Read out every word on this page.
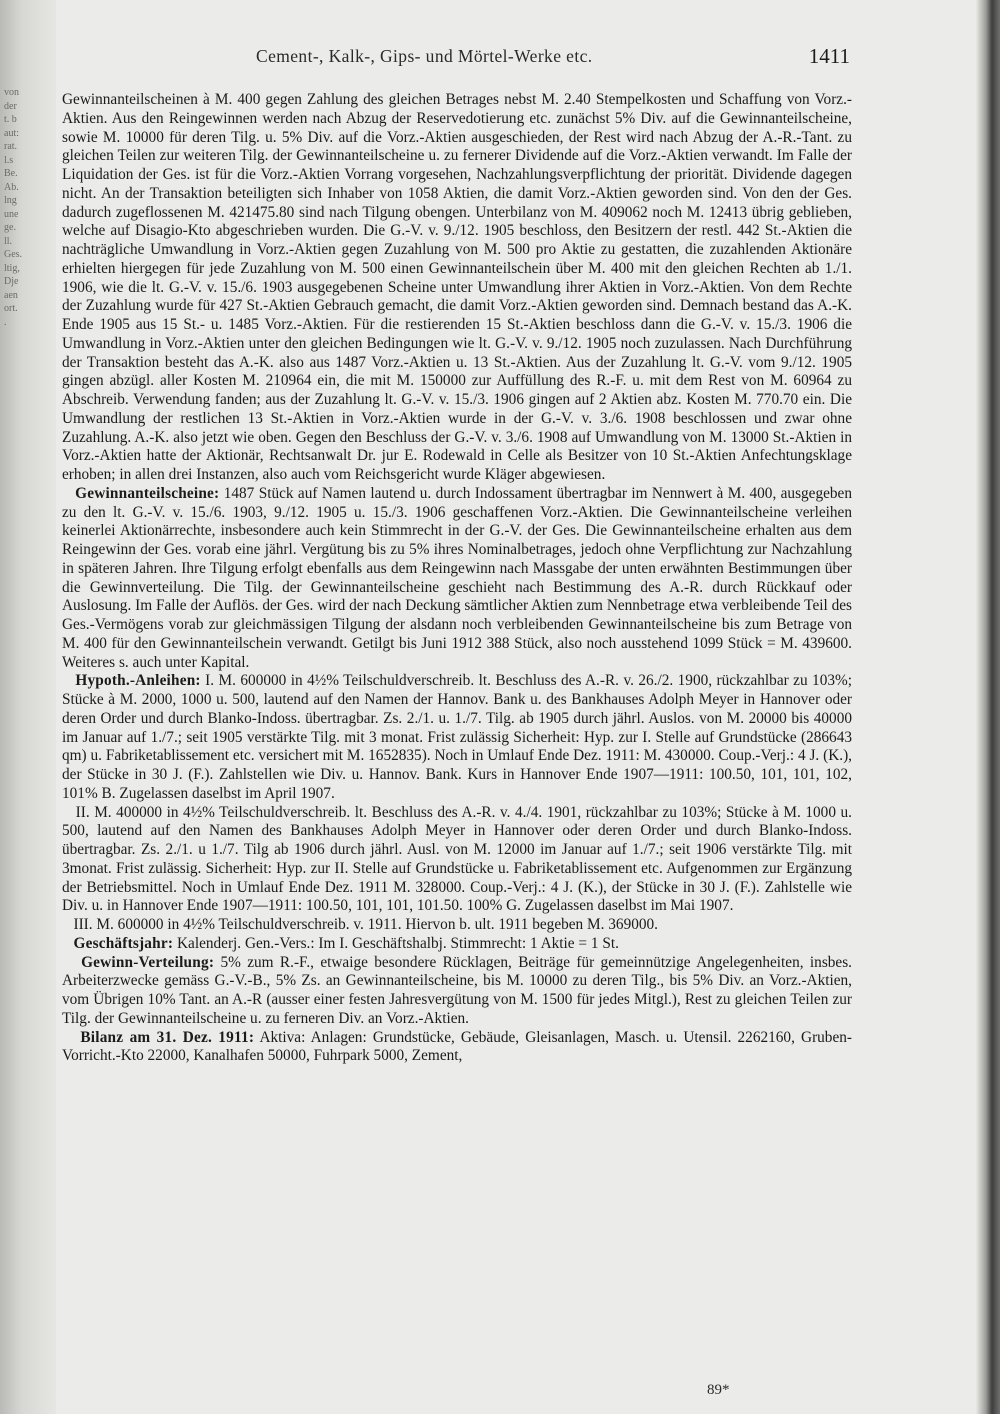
von
der
t. b
aut:
rat.
l.s
Be.
Ab.
lng
une
ge.
ll.
Ges.
ltig,
Dje
aen
ort.
.
Cement-, Kalk-, Gips- und Mörtel-Werke etc.	1411

Gewinnanteilscheinen à M. 400 gegen Zahlung des gleichen Betrages nebst M. 2.40 Stempelkosten und Schaffung von Vorz.-Aktien. Aus den Reingewinnen werden nach Abzug der Reservedotierung etc. zunächst 5% Div. auf die Gewinnanteilscheine, sowie M. 10000 für deren Tilg. u. 5% Div. auf die Vorz.-Aktien ausgeschieden, der Rest wird nach Abzug der A.-R.-Tant. zu gleichen Teilen zur weiteren Tilg. der Gewinnanteilscheine u. zu fernerer Dividende auf die Vorz.-Aktien verwandt. Im Falle der Liquidation der Ges. ist für die Vorz.-Aktien Vorrang vorgesehen, Nachzahlungsverpflichtung der priorität. Dividende dagegen nicht. An der Transaktion beteiligten sich Inhaber von 1058 Aktien, die damit Vorz.-Aktien geworden sind. Von den der Ges. dadurch zugeflossenen M. 421475.80 sind nach Tilgung obengen. Unterbilanz von M. 409062 noch M. 12413 übrig geblieben, welche auf Disagio-Kto abgeschrieben wurden. Die G.-V. v. 9./12. 1905 beschloss, den Besitzern der restl. 442 St.-Aktien die nachträgliche Umwandlung in Vorz.-Aktien gegen Zuzahlung von M. 500 pro Aktie zu gestatten, die zuzahlenden Aktionäre erhielten hiergegen für jede Zuzahlung von M. 500 einen Gewinnanteilschein über M. 400 mit den gleichen Rechten ab 1./1. 1906, wie die lt. G.-V. v. 15./6. 1903 ausgegebenen Scheine unter Umwandlung ihrer Aktien in Vorz.-Aktien. Von dem Rechte der Zuzahlung wurde für 427 St.-Aktien Gebrauch gemacht, die damit Vorz.-Aktien geworden sind. Demnach bestand das A.-K. Ende 1905 aus 15 St.- u. 1485 Vorz.-Aktien. Für die restierenden 15 St.-Aktien beschloss dann die G.-V. v. 15./3. 1906 die Umwandlung in Vorz.-Aktien unter den gleichen Bedingungen wie lt. G.-V. v. 9./12. 1905 noch zuzulassen. Nach Durchführung der Transaktion besteht das A.-K. also aus 1487 Vorz.-Aktien u. 13 St.-Aktien. Aus der Zuzahlung lt. G.-V. vom 9./12. 1905 gingen abzügl. aller Kosten M. 210964 ein, die mit M. 150000 zur Auffüllung des R.-F. u. mit dem Rest von M. 60964 zu Abschreib. Verwendung fanden; aus der Zuzahlung lt. G.-V. v. 15./3. 1906 gingen auf 2 Aktien abz. Kosten M. 770.70 ein. Die Umwandlung der restlichen 13 St.-Aktien in Vorz.-Aktien wurde in der G.-V. v. 3./6. 1908 beschlossen und zwar ohne Zuzahlung. A.-K. also jetzt wie oben. Gegen den Beschluss der G.-V. v. 3./6. 1908 auf Umwandlung von M. 13000 St.-Aktien in Vorz.-Aktien hatte der Aktionär, Rechtsanwalt Dr. jur E. Rodewald in Celle als Besitzer von 10 St.-Aktien Anfechtungsklage erhoben; in allen drei Instanzen, also auch vom Reichsgericht wurde Kläger abgewiesen.

Gewinnanteilscheine: 1487 Stück auf Namen lautend u. durch Indossament übertragbar im Nennwert à M. 400, ausgegeben zu den lt. G.-V. v. 15./6. 1903, 9./12. 1905 u. 15./3. 1906 geschaffenen Vorz.-Aktien. Die Gewinnanteilscheine verleihen keinerlei Aktionärrechte, insbesondere auch kein Stimmrecht in der G.-V. der Ges. Die Gewinnanteilscheine erhalten aus dem Reingewinn der Ges. vorab eine jährl. Vergütung bis zu 5% ihres Nominalbetrages, jedoch ohne Verpflichtung zur Nachzahlung in späteren Jahren. Ihre Tilgung erfolgt ebenfalls aus dem Reingewinn nach Massgabe der unten erwähnten Bestimmungen über die Gewinnverteilung. Die Tilg. der Gewinnanteilscheine geschieht nach Bestimmung des A.-R. durch Rückkauf oder Auslosung. Im Falle der Auflös. der Ges. wird der nach Deckung sämtlicher Aktien zum Nennbetrage etwa verbleibende Teil des Ges.-Vermögens vorab zur gleichmässigen Tilgung der alsdann noch verbleibenden Gewinnanteilscheine bis zum Betrage von M. 400 für den Gewinnanteilschein verwandt. Getilgt bis Juni 1912 388 Stück, also noch ausstehend 1099 Stück = M. 439600. Weiteres s. auch unter Kapital.

Hypoth.-Anleihen: I. M. 600000 in 4½% Teilschuldverschreib. lt. Beschluss des A.-R. v. 26./2. 1900, rückzahlbar zu 103%; Stücke à M. 2000, 1000 u. 500, lautend auf den Namen der Hannov. Bank u. des Bankhauses Adolph Meyer in Hannover oder deren Order und durch Blanko-Indoss. übertragbar. Zs. 2./1. u. 1./7. Tilg. ab 1905 durch jährl. Auslos. von M. 20000 bis 40000 im Januar auf 1./7.; seit 1905 verstärkte Tilg. mit 3 monat. Frist zulässig Sicherheit: Hyp. zur I. Stelle auf Grundstücke (286643 qm) u. Fabriketablissement etc. versichert mit M. 1652835). Noch in Umlauf Ende Dez. 1911: M. 430000. Coup.-Verj.: 4 J. (K.), der Stücke in 30 J. (F.). Zahlstellen wie Div. u. Hannov. Bank. Kurs in Hannover Ende 1907—1911: 100.50, 101, 101, 102, 101% B. Zugelassen daselbst im April 1907.

II. M. 400000 in 4½% Teilschuldverschreib. lt. Beschluss des A.-R. v. 4./4. 1901, rückzahlbar zu 103%; Stücke à M. 1000 u. 500, lautend auf den Namen des Bankhauses Adolph Meyer in Hannover oder deren Order und durch Blanko-Indoss. übertragbar. Zs. 2./1. u 1./7. Tilg ab 1906 durch jährl. Ausl. von M. 12000 im Januar auf 1./7.; seit 1906 verstärkte Tilg. mit 3monat. Frist zulässig. Sicherheit: Hyp. zur II. Stelle auf Grundstücke u. Fabriketablissement etc. Aufgenommen zur Ergänzung der Betriebsmittel. Noch in Umlauf Ende Dez. 1911 M. 328000. Coup.-Verj.: 4 J. (K.), der Stücke in 30 J. (F.). Zahlstelle wie Div. u. in Hannover Ende 1907—1911: 100.50, 101, 101, 101.50. 100% G. Zugelassen daselbst im Mai 1907.

III. M. 600000 in 4½% Teilschuldverschreib. v. 1911. Hiervon b. ult. 1911 begeben M. 369000.

Geschäftsjahr: Kalenderj. Gen.-Vers.: Im I. Geschäftshalbj. Stimmrecht: 1 Aktie = 1 St.

Gewinn-Verteilung: 5% zum R.-F., etwaige besondere Rücklagen, Beiträge für gemeinnützige Angelegenheiten, insbes. Arbeiterzwecke gemäss G.-V.-B., 5% Zs. an Gewinnanteilscheine, bis M. 10000 zu deren Tilg., bis 5% Div. an Vorz.-Aktien, vom Übrigen 10% Tant. an A.-R (ausser einer festen Jahresvergütung von M. 1500 für jedes Mitgl.), Rest zu gleichen Teilen zur Tilg. der Gewinnanteilscheine u. zu ferneren Div. an Vorz.-Aktien.

Bilanz am 31. Dez. 1911: Aktiva: Anlagen: Grundstücke, Gebäude, Gleisanlagen, Masch. u. Utensil. 2262160, Gruben-Vorricht.-Kto 22000, Kanalhafen 50000, Fuhrpark 5000, Zement,

89*
